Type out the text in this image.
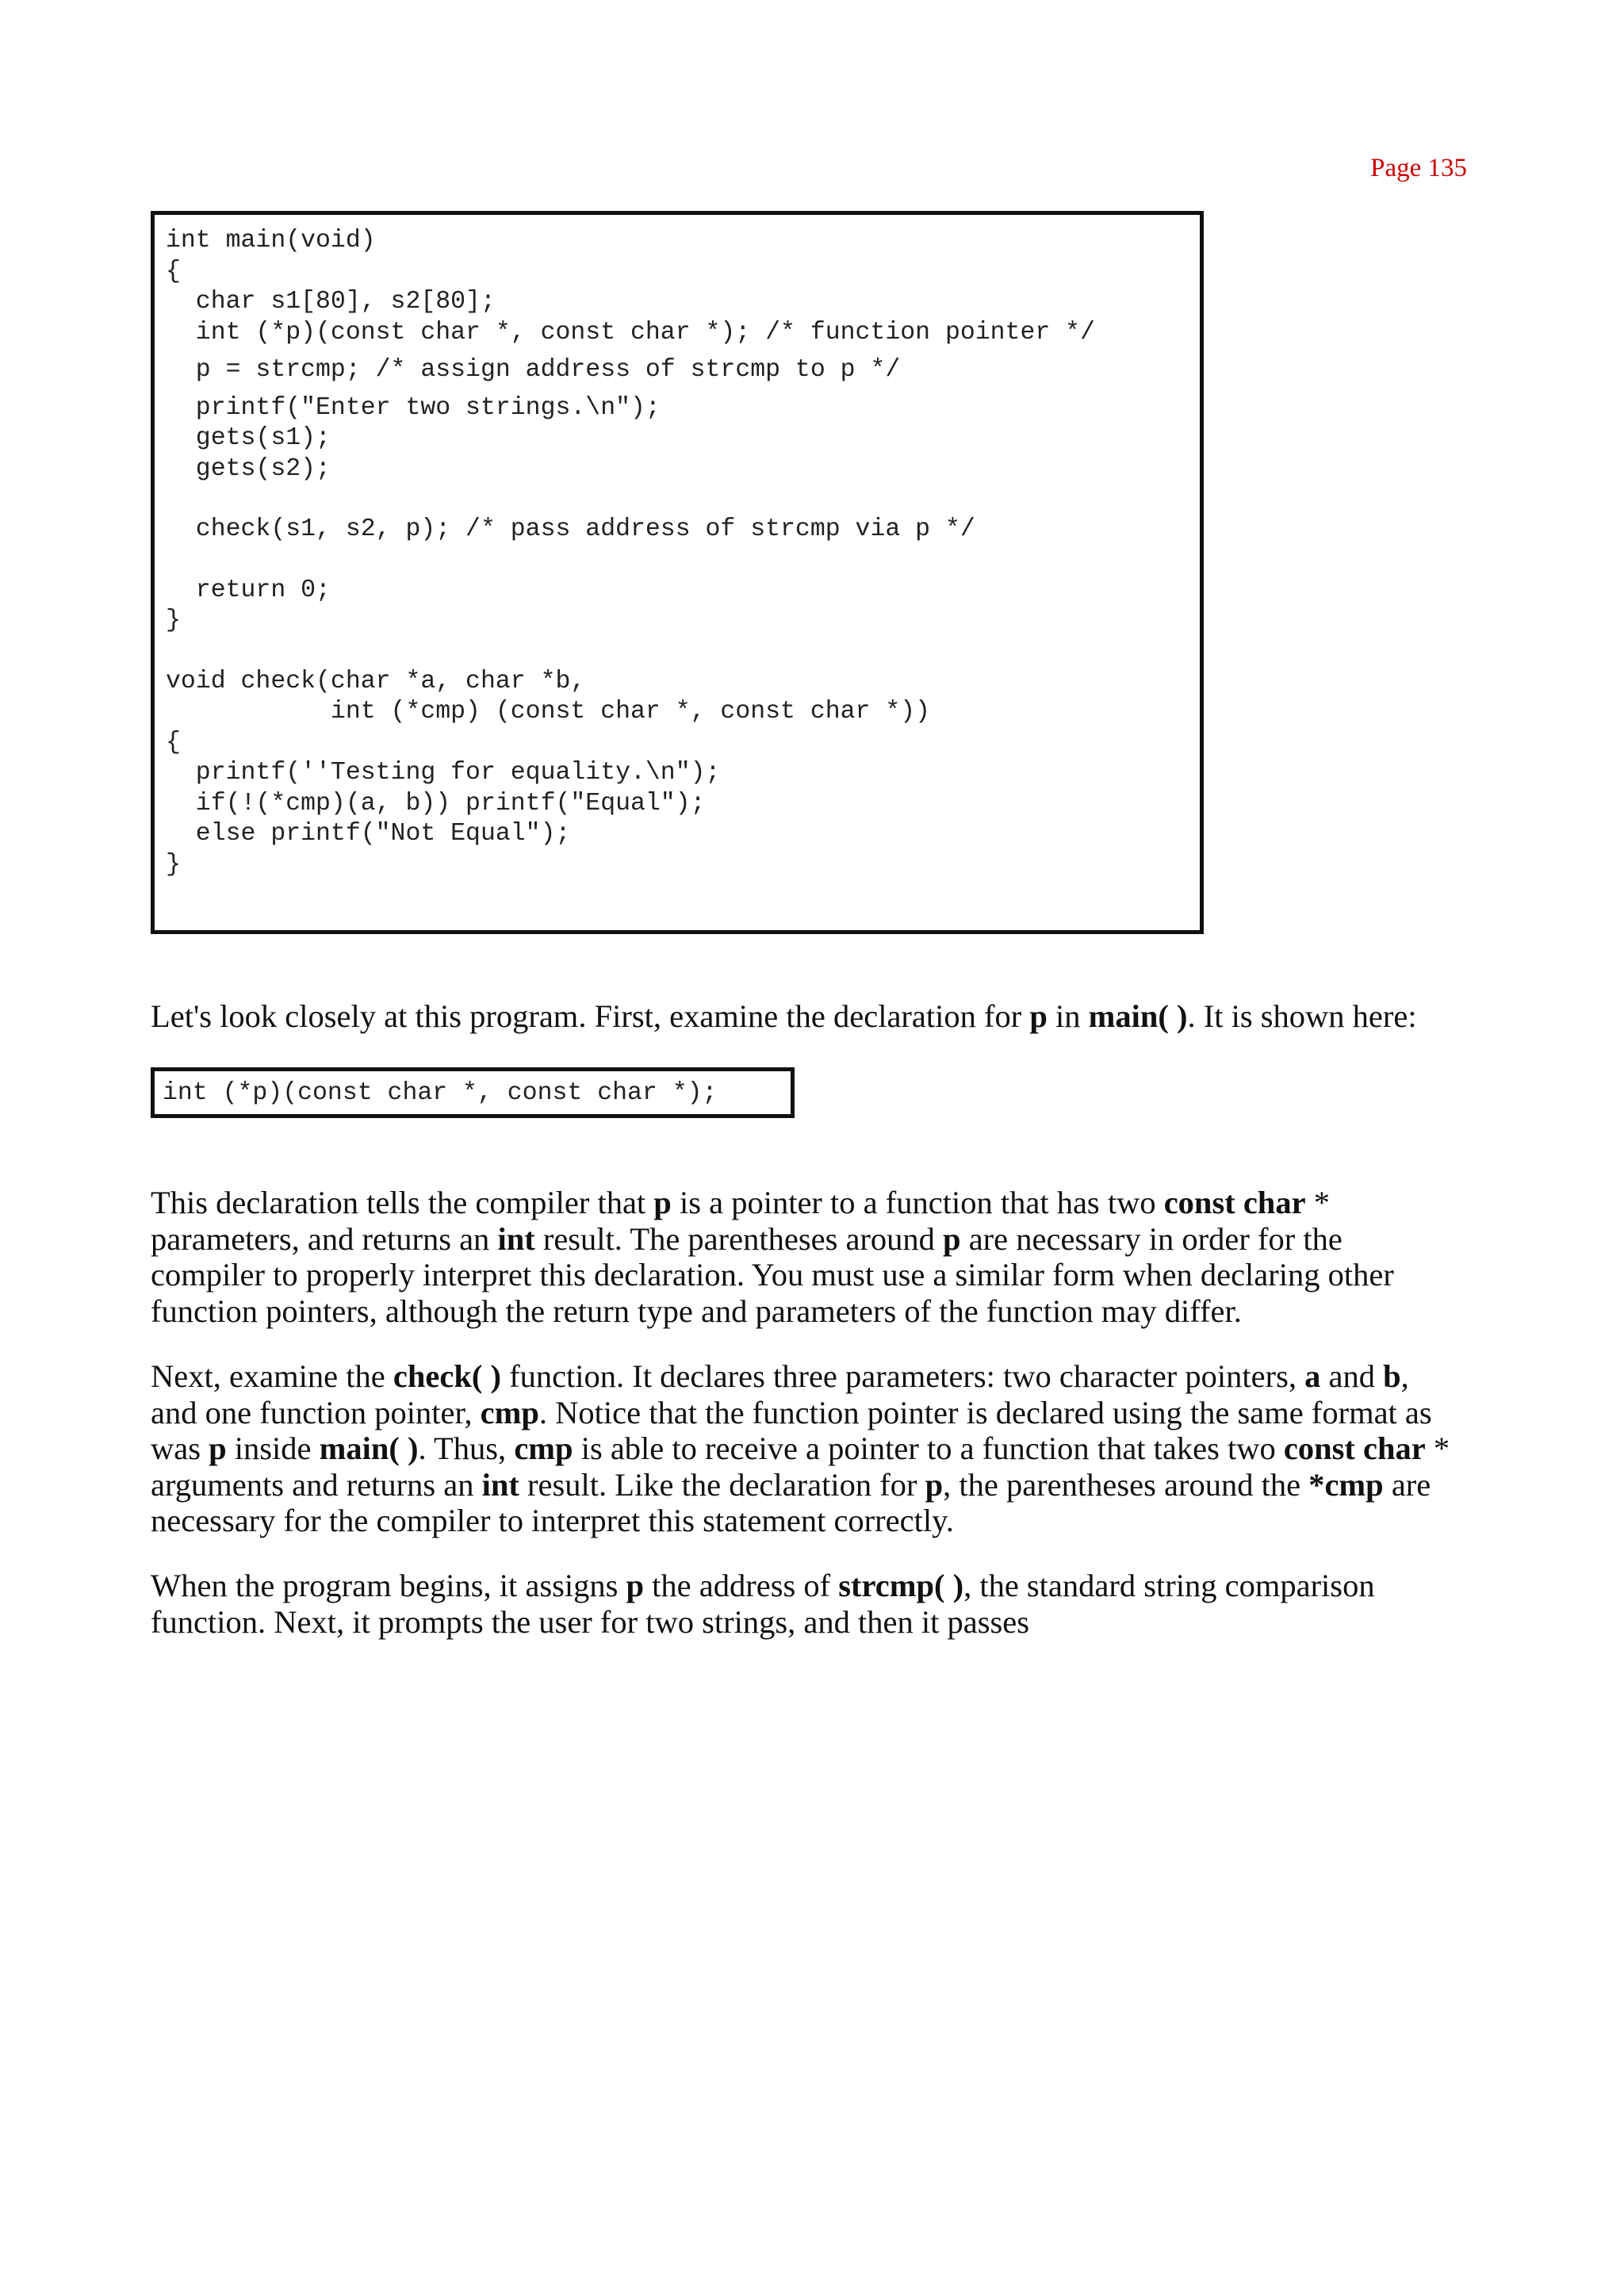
Page 135

int main(void)
{
char s1[80], s2[80];
int (*p)(const char *, const char *); /* function pointer */
p = strcmp; /* assign address of strcmp to p */
printf("Enter two strings.\n");
gets(s1);
gets(s2);
check(s1, s2, p); /* pass address of strcmp via p */
return 0;
}
void check(char *a, char *b,
int (*cmp) (const char *, const char *))
{
printf(''Testing for equality.\n");
if(!(*cmp)(a, b)) printf("Equal");
else printf("Not Equal");
}

Let's look closely at this program. First, examine the declaration for p in main( ). It is shown here:

int (*p)(const char *, const char *);

This declaration tells the compiler that p is a pointer to a function that has two const char * parameters, and returns an int result. The parentheses around p are necessary in order for the compiler to properly interpret this declaration. You must use a similar form when declaring other function pointers, although the return type and parameters of the function may differ.

Next, examine the check( ) function. It declares three parameters: two character pointers, a and b, and one function pointer, cmp. Notice that the function pointer is declared using the same format as was p inside main( ). Thus, cmp is able to receive a pointer to a function that takes two const char * arguments and returns an int result. Like the declaration for p, the parentheses around the *cmp are necessary for the compiler to interpret this statement correctly.

When the program begins, it assigns p the address of strcmp( ), the standard string comparison function. Next, it prompts the user for two strings, and then it passes
